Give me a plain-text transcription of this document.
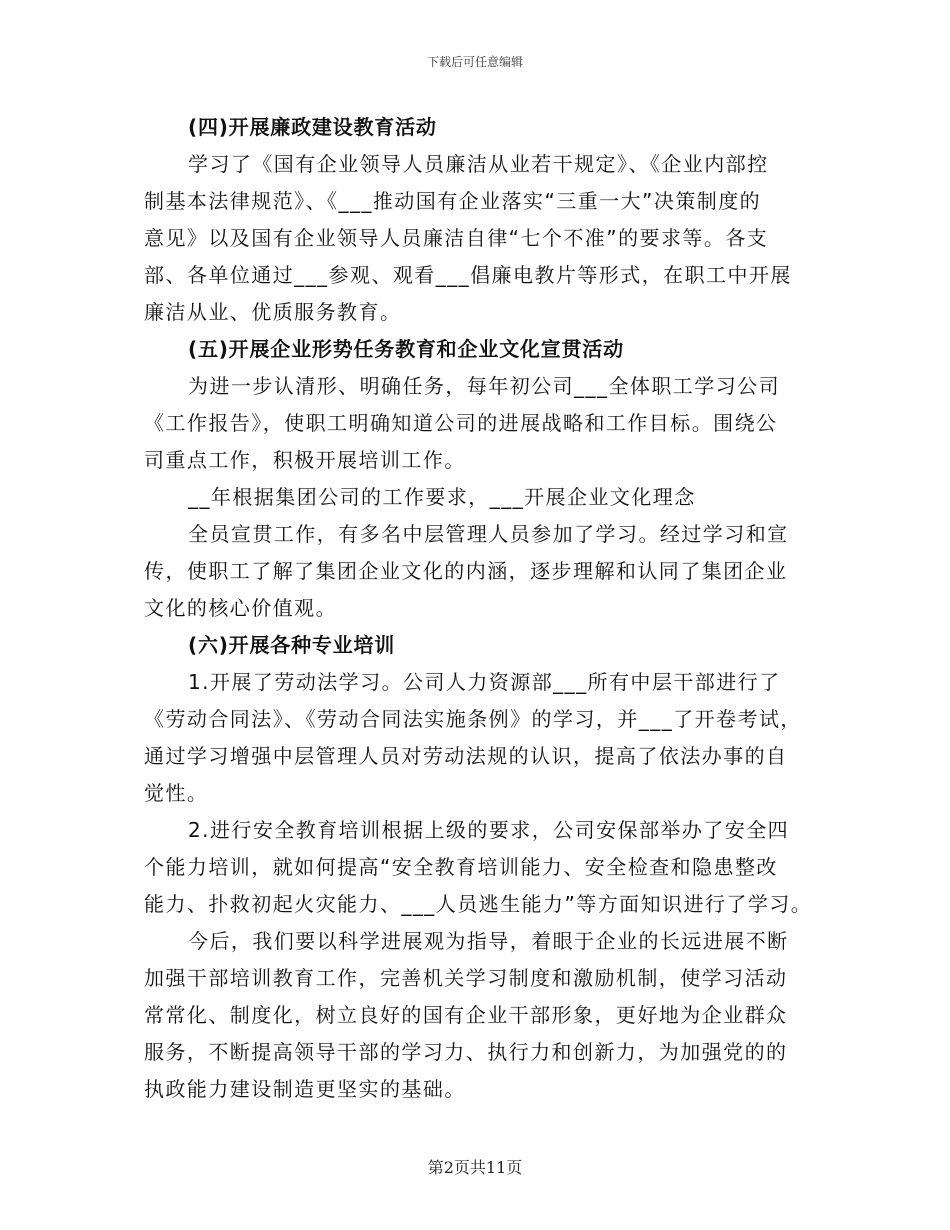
下载后可任意编辑
(四)开展廉政建设教育活动
学习了《国有企业领导人员廉洁从业若干规定》、《企业内部控
制基本法律规范》、《___推动国有企业落实“三重一大”决策制度的
意见》以及国有企业领导人员廉洁自律“七个不准”的要求等。各支
部、各单位通过___参观、观看___倡廉电教片等形式，在职工中开展
廉洁从业、优质服务教育。
(五)开展企业形势任务教育和企业文化宣贯活动
为进一步认清形、明确任务，每年初公司___全体职工学习公司
《工作报告》，使职工明确知道公司的进展战略和工作目标。围绕公
司重点工作，积极开展培训工作。
__年根据集团公司的工作要求，___开展企业文化理念
全员宣贯工作，有多名中层管理人员参加了学习。经过学习和宣
传，使职工了解了集团企业文化的内涵，逐步理解和认同了集团企业
文化的核心价值观。
(六)开展各种专业培训
1.开展了劳动法学习。公司人力资源部___所有中层干部进行了
《劳动合同法》、《劳动合同法实施条例》的学习，并___了开卷考试，
通过学习增强中层管理人员对劳动法规的认识，提高了依法办事的自
觉性。
2.进行安全教育培训根据上级的要求，公司安保部举办了安全四
个能力培训，就如何提高“安全教育培训能力、安全检查和隐患整改
能力、扑救初起火灾能力、___人员逃生能力”等方面知识进行了学习。
今后，我们要以科学进展观为指导，着眼于企业的长远进展不断
加强干部培训教育工作，完善机关学习制度和激励机制，使学习活动
常常化、制度化，树立良好的国有企业干部形象，更好地为企业群众
服务，不断提高领导干部的学习力、执行力和创新力，为加强党的的
执政能力建设制造更坚实的基础。
第2页共11页
